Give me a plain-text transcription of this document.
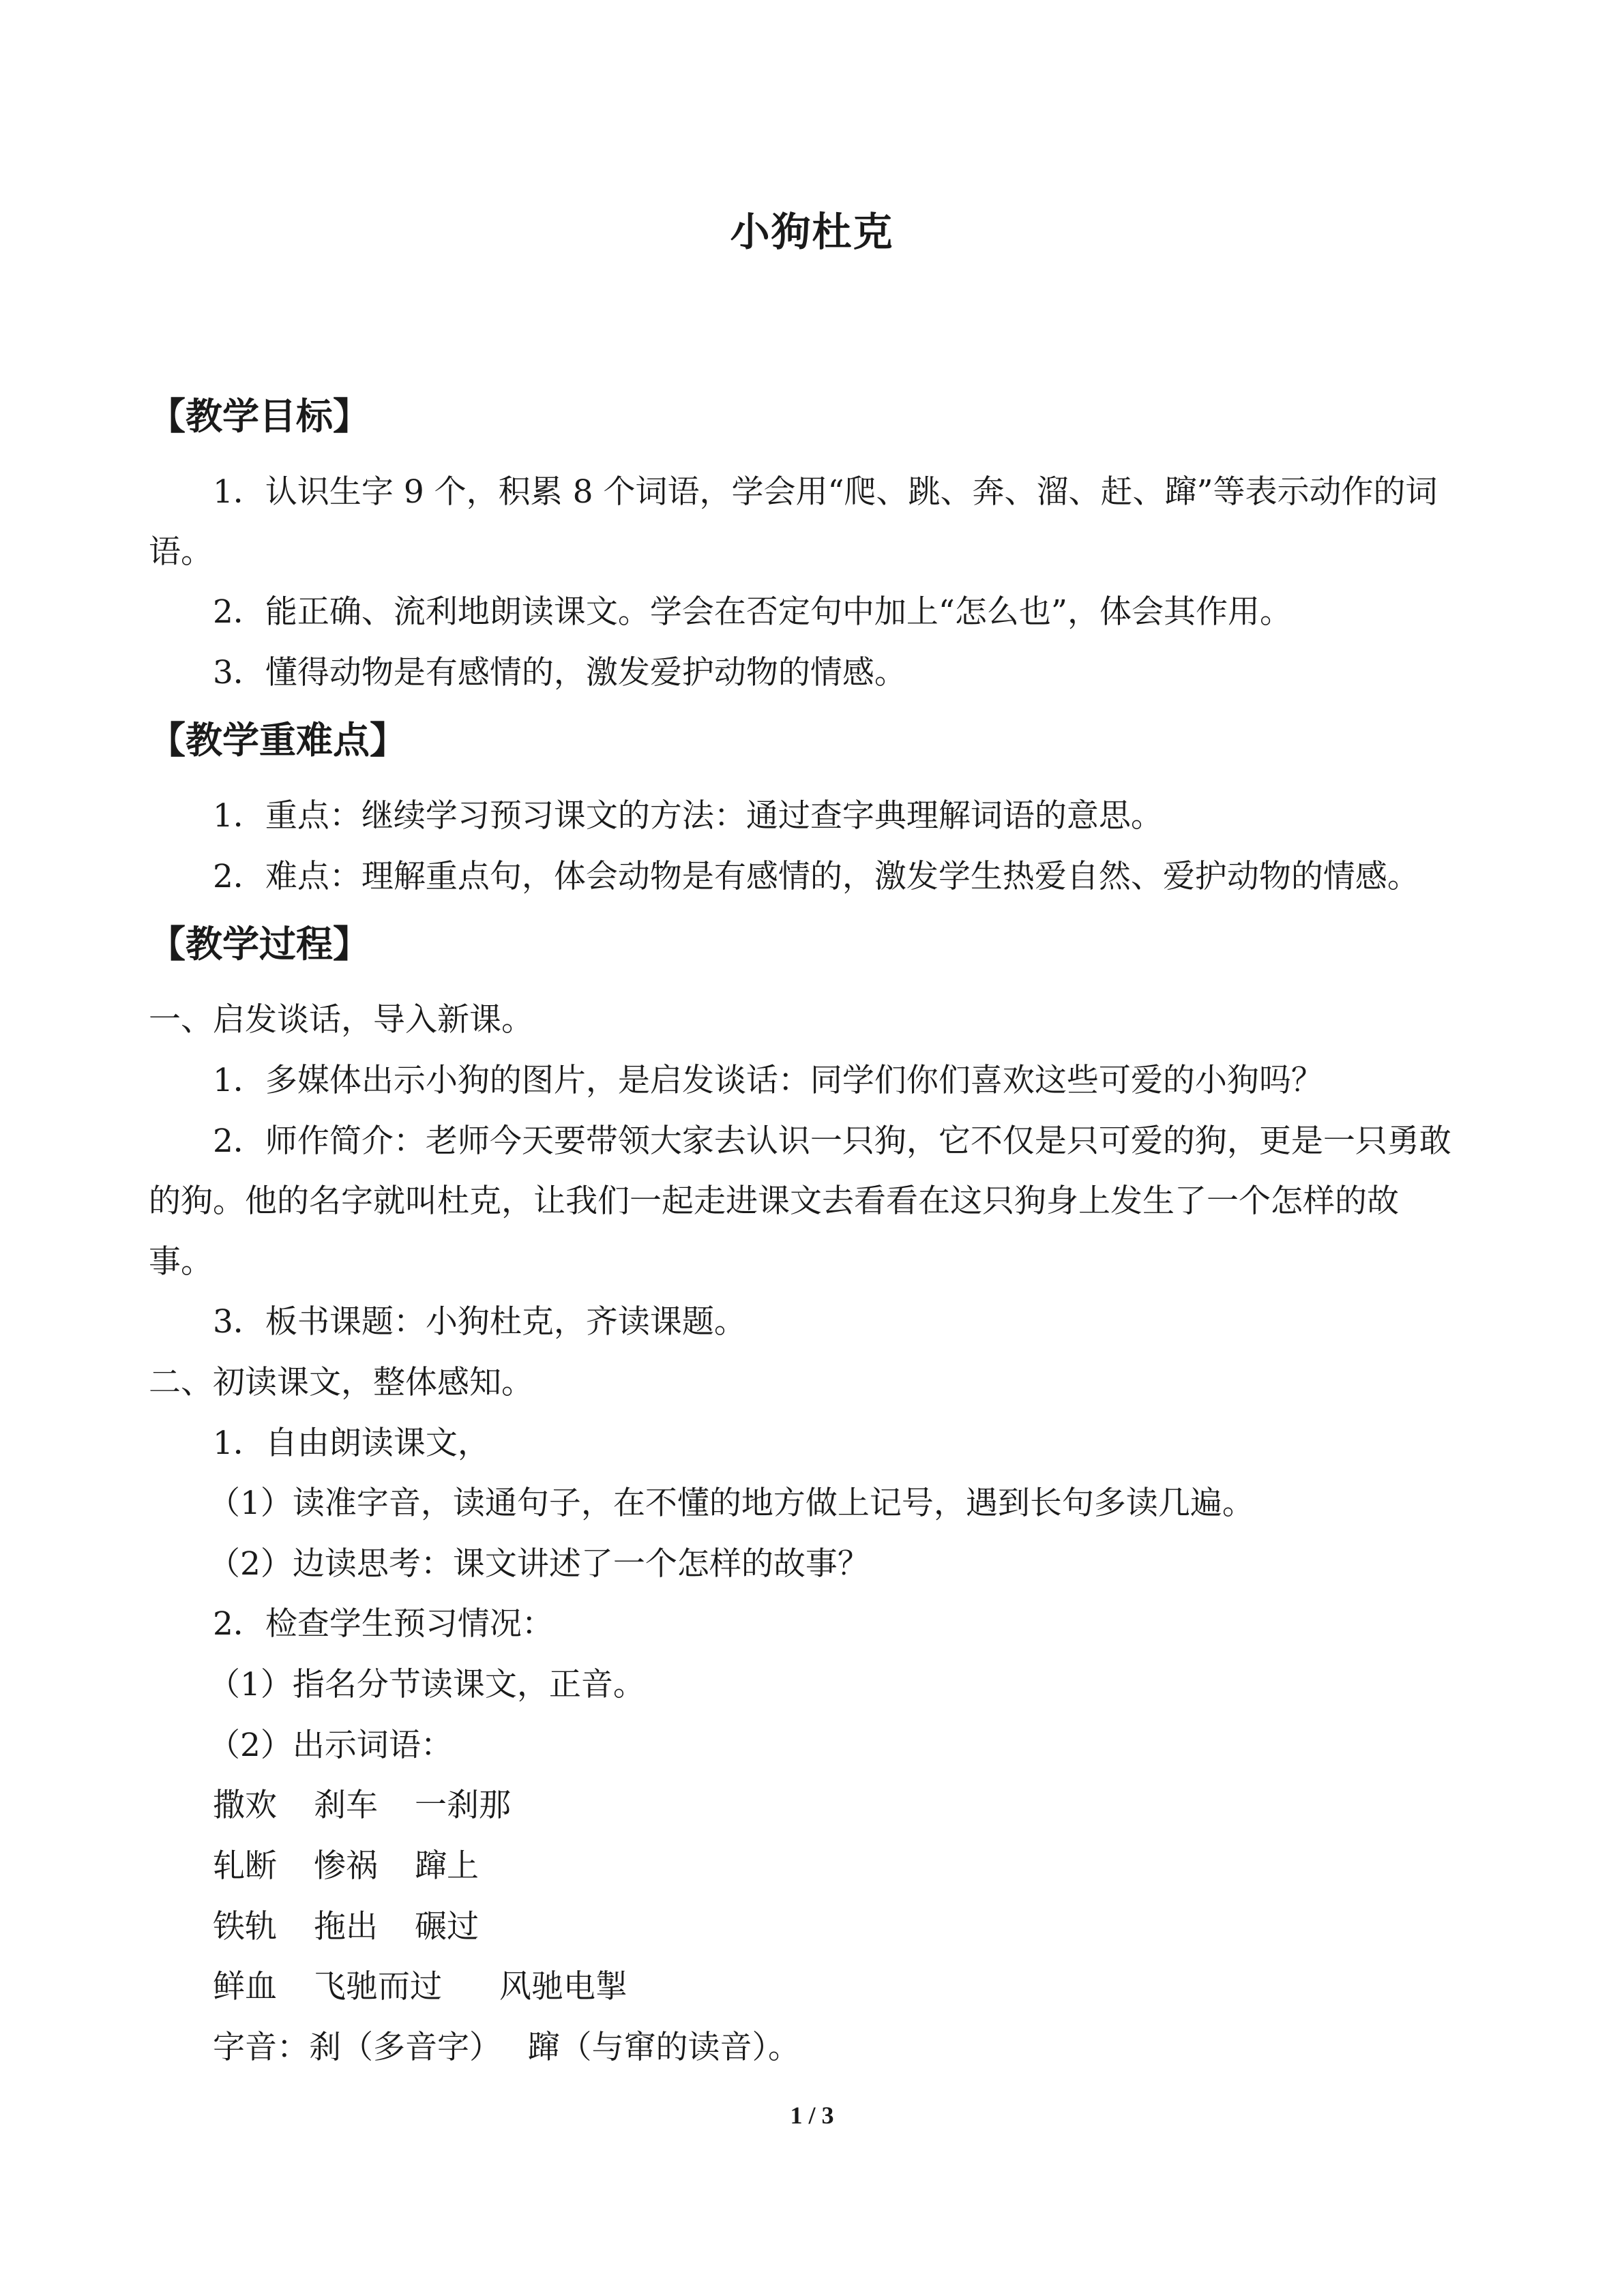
小狗杜克
【教学目标】
1．认识生字 9 个，积累 8 个词语，学会用“爬、跳、奔、溜、赶、蹿”等表示动作的词
语。
2．能正确、流利地朗读课文。学会在否定句中加上“怎么也”，体会其作用。
3．懂得动物是有感情的，激发爱护动物的情感。
【教学重难点】
1．重点：继续学习预习课文的方法：通过查字典理解词语的意思。
2．难点：理解重点句，体会动物是有感情的，激发学生热爱自然、爱护动物的情感。
【教学过程】
一、启发谈话，导入新课。
1．多媒体出示小狗的图片，是启发谈话：同学们你们喜欢这些可爱的小狗吗？
2．师作简介：老师今天要带领大家去认识一只狗，它不仅是只可爱的狗，更是一只勇敢
的狗。他的名字就叫杜克，让我们一起走进课文去看看在这只狗身上发生了一个怎样的故
事。
3．板书课题：小狗杜克，齐读课题。
二、初读课文，整体感知。
1．自由朗读课文，
（1）读准字音，读通句子，在不懂的地方做上记号，遇到长句多读几遍。
（2）边读思考：课文讲述了一个怎样的故事？
2．检查学生预习情况：
（1）指名分节读课文，正音。
（2）出示词语：
撒欢 刹车 一刹那
轧断 惨祸 蹿上
铁轨 拖出 碾过
鲜血 飞驰而过 风驰电掣
字音：刹（多音字）　 蹿（与窜的读音）。
1 / 3
